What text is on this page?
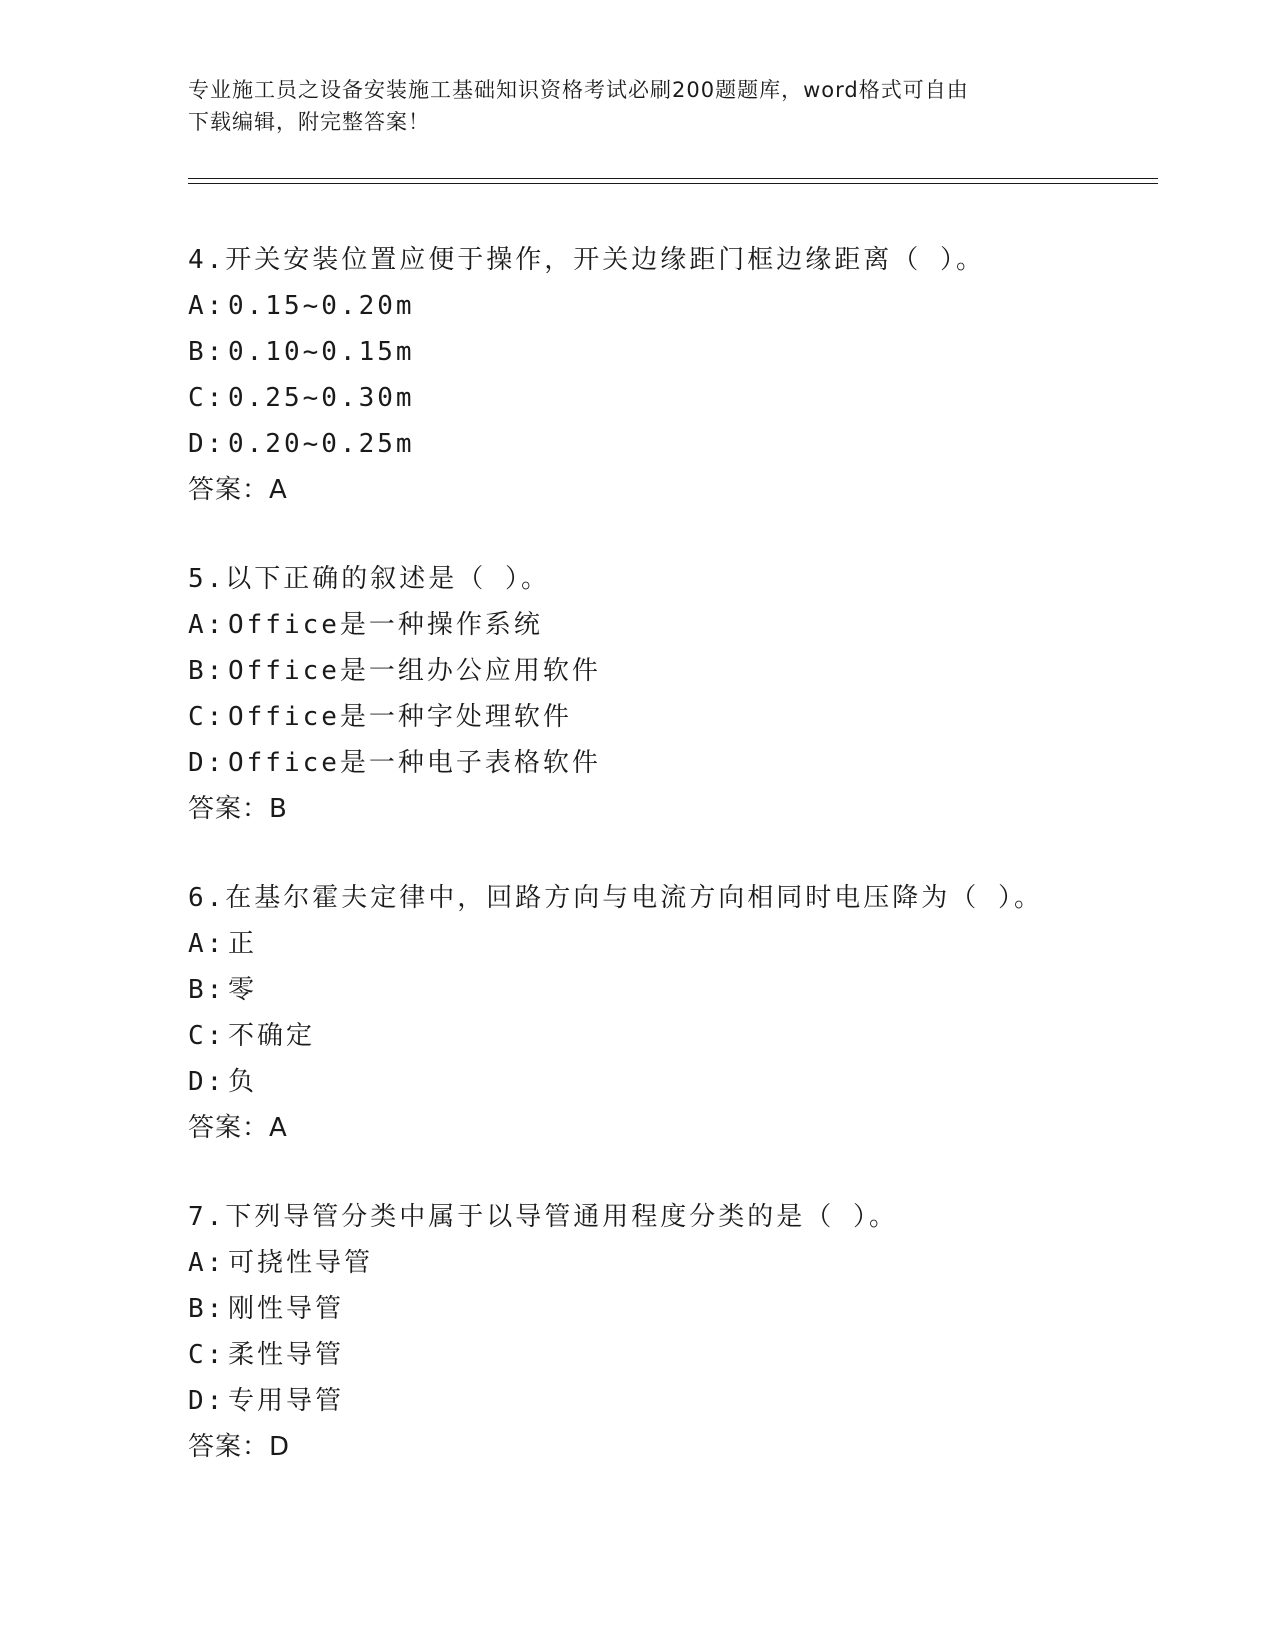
专业施工员之设备安装施工基础知识资格考试必刷200题题库，word格式可自由
下载编辑，附完整答案！
4.开关安装位置应便于操作，开关边缘距门框边缘距离（ ）。
A: 0.15~0.20m
B: 0.10~0.15m
C: 0.25~0.30m
D: 0.20~0.25m
答案：A
5.以下正确的叙述是（ ）。
A: Office是一种操作系统
B: Office是一组办公应用软件
C: Office是一种字处理软件
D: Office是一种电子表格软件
答案：B
6.在基尔霍夫定律中，回路方向与电流方向相同时电压降为（ ）。
A: 正
B: 零
C: 不确定
D: 负
答案：A
7.下列导管分类中属于以导管通用程度分类的是（ ）。
A: 可挠性导管
B: 刚性导管
C: 柔性导管
D: 专用导管
答案：D
